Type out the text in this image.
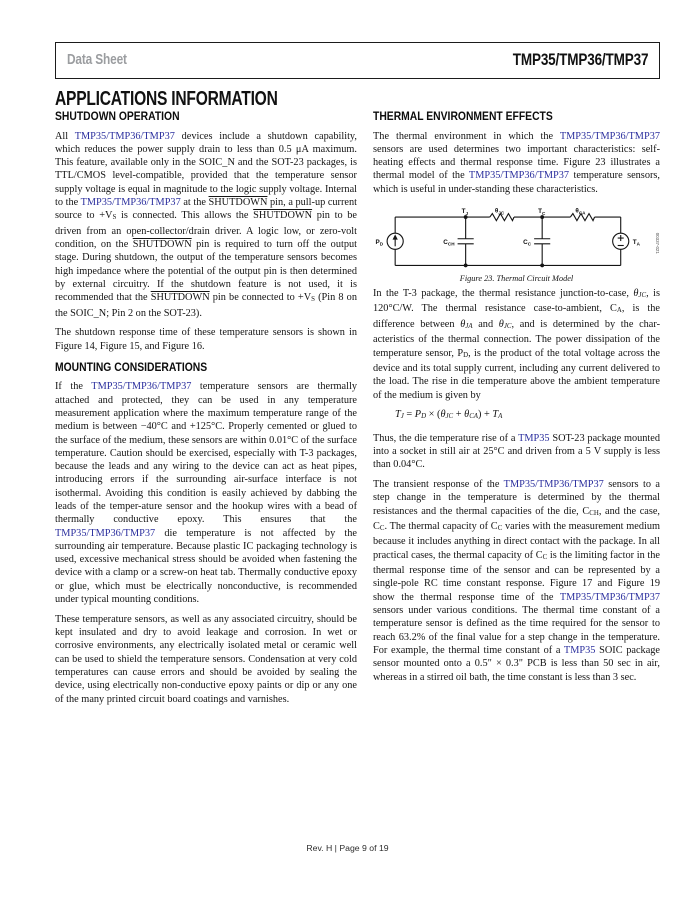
Data Sheet	TMP35/TMP36/TMP37
APPLICATIONS INFORMATION
SHUTDOWN OPERATION

All TMP35/TMP36/TMP37 devices include a shutdown capability, which reduces the power supply drain to less than 0.5 μA maximum. This feature, available only in the SOIC_N and the SOT-23 packages, is TTL/CMOS level-compatible, provided that the temperature sensor supply voltage is equal in magnitude to the logic supply voltage. Internal to the TMP35/TMP36/TMP37 at the SHUTDOWN pin, a pull-up current source to +VS is connected. This allows the SHUTDOWN pin to be driven from an open-collector/drain driver. A logic low, or zero-volt condition, on the SHUTDOWN pin is required to turn off the output stage. During shutdown, the output of the temperature sensors becomes high impedance where the potential of the output pin is then determined by external circuitry. If the shutdown feature is not used, it is recommended that the SHUTDOWN pin be connected to +VS (Pin 8 on the SOIC_N; Pin 2 on the SOT-23).

The shutdown response time of these temperature sensors is shown in Figure 14, Figure 15, and Figure 16.

MOUNTING CONSIDERATIONS

If the TMP35/TMP36/TMP37 temperature sensors are thermally attached and protected, they can be used in any temperature measurement application where the maximum temperature range of the medium is between −40°C and +125°C. Properly cemented or glued to the surface of the medium, these sensors are within 0.01°C of the surface temperature. Caution should be exercised, especially with T-3 packages, because the leads and any wiring to the device can act as heat pipes, introducing errors if the surrounding air-surface interface is not isothermal. Avoiding this condition is easily achieved by dabbing the leads of the temper-ature sensor and the hookup wires with a bead of thermally conductive epoxy. This ensures that the TMP35/TMP36/TMP37 die temperature is not affected by the surrounding air temperature. Because plastic IC packaging technology is used, excessive mechanical stress should be avoided when fastening the device with a clamp or a screw-on heat tab. Thermally conductive epoxy or glue, which must be electrically nonconductive, is recommended under typical mounting conditions.

These temperature sensors, as well as any associated circuitry, should be kept insulated and dry to avoid leakage and corrosion. In wet or corrosive environments, any electrically isolated metal or ceramic well can be used to shield the temperature sensors. Condensation at very cold temperatures can cause errors and should be avoided by sealing the device, using electrically non-conductive epoxy paints or dip or any one of the many printed circuit board coatings and varnishes.

THERMAL ENVIRONMENT EFFECTS

The thermal environment in which the TMP35/TMP36/TMP37 sensors are used determines two important characteristics: self-heating effects and thermal response time. Figure 23 illustrates a thermal model of the TMP35/TMP36/TMP37 temperature sensors, which is useful in under-standing these characteristics.

$T_J$	$\theta_{JC}$	$T_C$	$\theta_{CA}$
$P_D$	$C_{CH}$	$C_C$	$T_A$	00337-021
Figure 23. Thermal Circuit Model

In the T-3 package, the thermal resistance junction-to-case, θJC, is 120°C/W. The thermal resistance case-to-ambient, CA, is the difference between θJA and θJC, and is determined by the char-acteristics of the thermal connection. The power dissipation of the temperature sensor, PD, is the product of the total voltage across the device and its total supply current, including any current delivered to the load. The rise in die temperature above the ambient temperature of the medium is given by

TJ = PD × (θJC + θCA) + TA

Thus, the die temperature rise of a TMP35 SOT-23 package mounted into a socket in still air at 25°C and driven from a 5 V supply is less than 0.04°C.

The transient response of the TMP35/TMP36/TMP37 sensors to a step change in the temperature is determined by the thermal resistances and the thermal capacities of the die, CCH, and the case, CC. The thermal capacity of CC varies with the measurement medium because it includes anything in direct contact with the package. In all practical cases, the thermal capacity of CC is the limiting factor in the thermal response time of the sensor and can be represented by a single-pole RC time constant response. Figure 17 and Figure 19 show the thermal response time of the TMP35/TMP36/TMP37 sensors under various conditions. The thermal time constant of a temperature sensor is defined as the time required for the sensor to reach 63.2% of the final value for a step change in the temperature. For example, the thermal time constant of a TMP35 SOIC package sensor mounted onto a 0.5" × 0.3" PCB is less than 50 sec in air, whereas in a stirred oil bath, the time constant is less than 3 sec.

Rev. H | Page 9 of 19
